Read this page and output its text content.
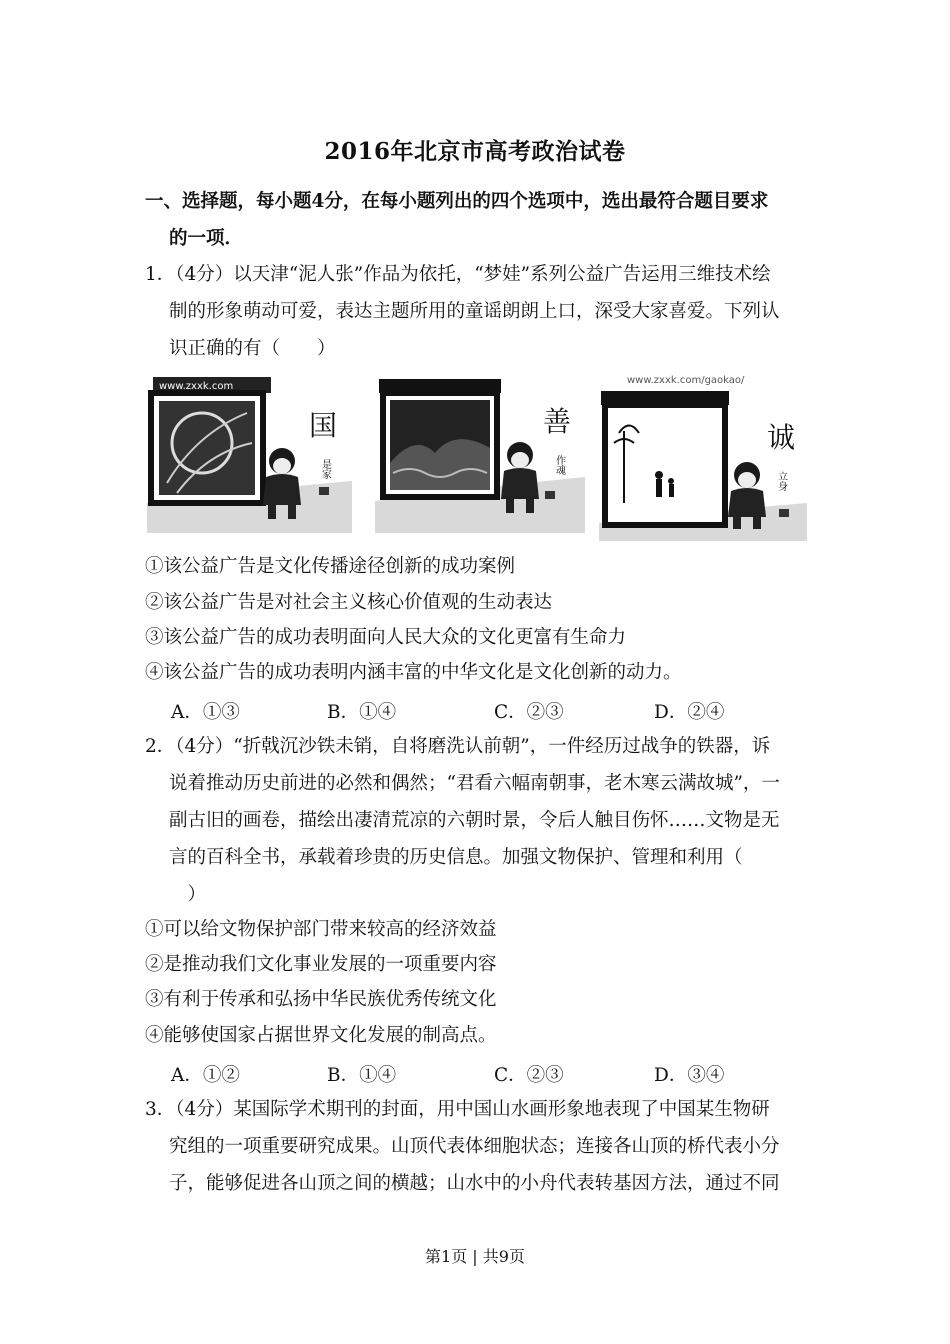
2016年北京市高考政治试卷
一、选择题，每小题4分，在每小题列出的四个选项中，选出最符合题目要求
的一项．
1．（4分）以天津“泥人张”作品为依托，“梦娃”系列公益广告运用三维技术绘
制的形象萌动可爱，表达主题所用的童谣朗朗上口，深受大家喜爱。下列认
识正确的有（　　）
www.zxxk.com
国
是家
善
作魂
www.zxxk.com/gaokao/
诚
立身
①该公益广告是文化传播途径创新的成功案例
②该公益广告是对社会主义核心价值观的生动表达
③该公益广告的成功表明面向人民大众的文化更富有生命力
④该公益广告的成功表明内涵丰富的中华文化是文化创新的动力。
A．①③	B．①④	C．②③	D．②④
2．（4分）“折戟沉沙铁未销，自将磨洗认前朝”，一件经历过战争的铁器，诉
说着推动历史前进的必然和偶然；“君看六幅南朝事，老木寒云满故城”，一
副古旧的画卷，描绘出凄清荒凉的六朝时景，令后人触目伤怀……文物是无
言的百科全书，承载着珍贵的历史信息。加强文物保护、管理和利用（
　）
①可以给文物保护部门带来较高的经济效益
②是推动我们文化事业发展的一项重要内容
③有利于传承和弘扬中华民族优秀传统文化
④能够使国家占据世界文化发展的制高点。
A．①②	B．①④	C．②③	D．③④
3．（4分）某国际学术期刊的封面，用中国山水画形象地表现了中国某生物研
究组的一项重要研究成果。山顶代表体细胞状态；连接各山顶的桥代表小分
子，能够促进各山顶之间的横越；山水中的小舟代表转基因方法，通过不同
第1页 | 共9页
